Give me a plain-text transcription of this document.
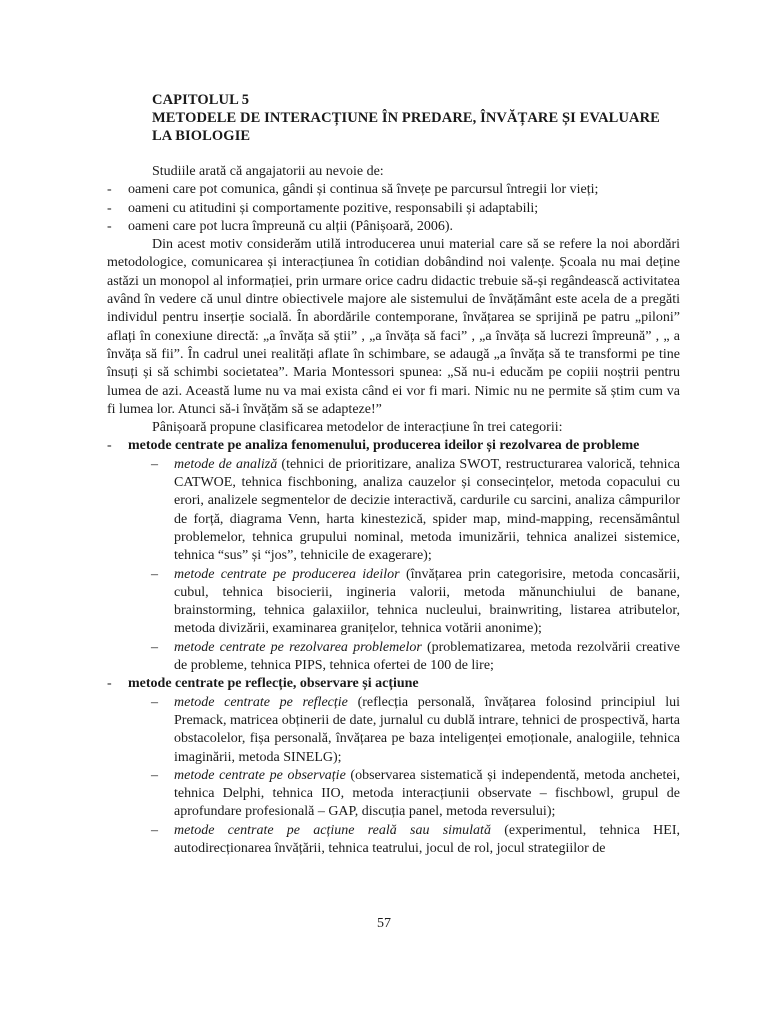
CAPITOLUL 5
METODELE DE INTERACȚIUNE ÎN PREDARE, ÎNVĂȚARE ȘI EVALUARE
LA BIOLOGIE

Studiile arată că angajatorii au nevoie de:

- oameni care pot comunica, gândi și continua să învețe pe parcursul întregii lor vieți;
- oameni cu atitudini și comportamente pozitive, responsabili și adaptabili;
- oameni care pot lucra împreună cu alții (Pânișoară, 2006).

Din acest motiv considerăm utilă introducerea unui material care să se refere la noi abordări metodologice, comunicarea și interacțiunea în cotidian dobândind noi valențe. Școala nu mai deține astăzi un monopol al informației, prin urmare orice cadru didactic trebuie să-și regândească activitatea având în vedere că unul dintre obiectivele majore ale sistemului de învățământ este acela de a pregăti individul pentru inserție socială. În abordările contemporane, învățarea se sprijină pe patru „piloni” aflați în conexiune directă: „a învăța să știi” , „a învăța să faci” , „a învăța să lucrezi împreună” , „ a învăța să fii”. În cadrul unei realități aflate în schimbare, se adaugă „a învăța să te transformi pe tine însuți și să schimbi societatea”. Maria Montessori spunea: „Să nu-i educăm pe copiii noștrii pentru lumea de azi. Această lume nu va mai exista când ei vor fi mari. Nimic nu ne permite să știm cum va fi lumea lor. Atunci să-i învățăm să se adapteze!”

Pânișoară propune clasificarea metodelor de interacțiune în trei categorii:

- metode centrate pe analiza fenomenului, producerea ideilor și rezolvarea de probleme
– metode de analiză (tehnici de prioritizare, analiza SWOT, restructurarea valorică, tehnica CATWOE, tehnica fischboning, analiza cauzelor și consecințelor, metoda copacului cu erori, analizele segmentelor de decizie interactivă, cardurile cu sarcini, analiza câmpurilor de forță, diagrama Venn, harta kinestezică, spider map, mind-mapping, recensământul problemelor, tehnica grupului nominal, metoda imunizării, tehnica analizei sistemice, tehnica “sus” și “jos”, tehnicile de exagerare);
– metode centrate pe producerea ideilor (învățarea prin categorisire, metoda concasării, cubul, tehnica bisocierii, ingineria valorii, metoda mănunchiului de banane, brainstorming, tehnica galaxiilor, tehnica nucleului, brainwriting, listarea atributelor, metoda divizării, examinarea granițelor, tehnica votării anonime);
– metode centrate pe rezolvarea problemelor (problematizarea, metoda rezolvării creative de probleme, tehnica PIPS, tehnica ofertei de 100 de lire;
- metode centrate pe reflecție, observare și acțiune
– metode centrate pe reflecție (reflecția personală, învățarea folosind principiul lui Premack, matricea obținerii de date, jurnalul cu dublă intrare, tehnici de prospectivă, harta obstacolelor, fișa personală, învățarea pe baza inteligenței emoționale, analogiile, tehnica imaginării, metoda SINELG);
– metode centrate pe observație (observarea sistematică și independentă, metoda anchetei, tehnica Delphi, tehnica IIO, metoda interacțiunii observate – fischbowl, grupul de aprofundare profesională – GAP, discuția panel, metoda reversului);
– metode centrate pe acțiune reală sau simulată (experimentul, tehnica HEI, autodirecționarea învățării, tehnica teatrului, jocul de rol, jocul strategiilor de
57
